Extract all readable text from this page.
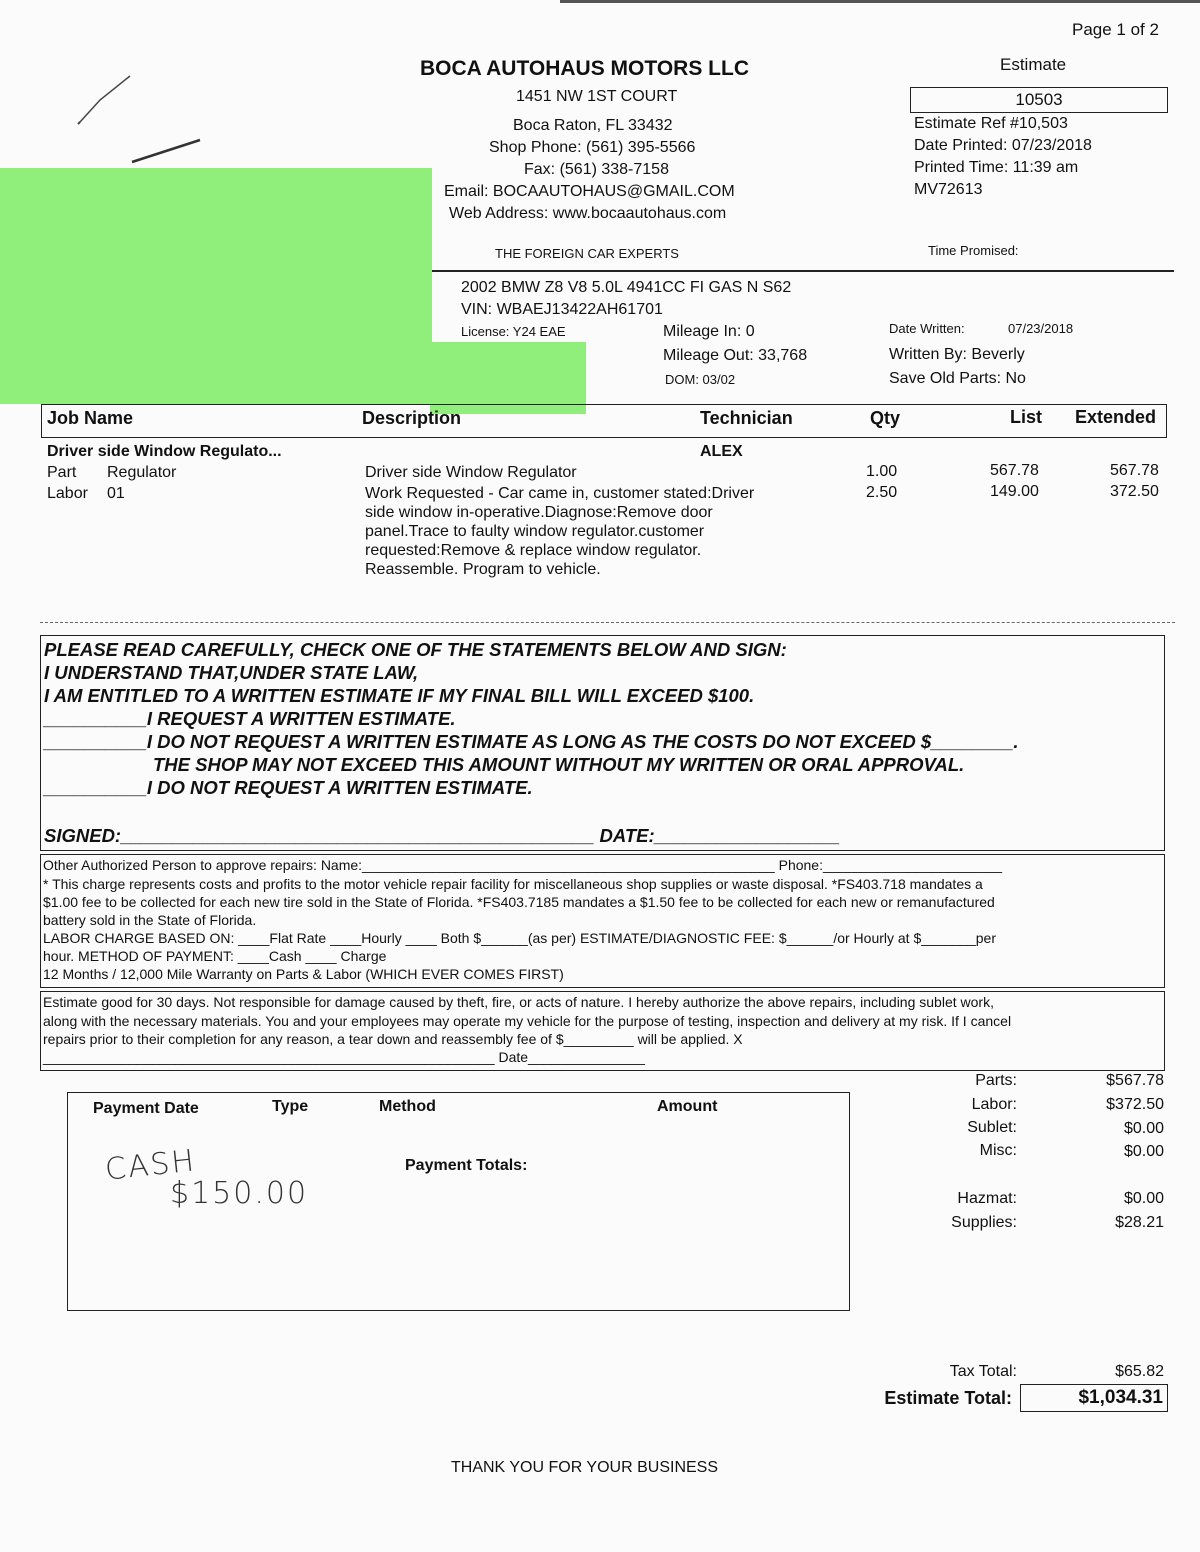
Page 1 of 2
BOCA AUTOHAUS MOTORS LLC	Estimate
1451 NW 1ST COURT
Boca Raton, FL 33432
Shop Phone: (561) 395-5566
Fax: (561) 338-7158
Email: BOCAAUTOHAUS@GMAIL.COM
Web Address: www.bocaautohaus.com
THE FOREIGN CAR EXPERTS
10503
Estimate Ref #10,503
Date Printed: 07/23/2018
Printed Time: 11:39 am
MV72613
Time Promised:
2002 BMW Z8 V8 5.0L 4941CC FI GAS N S62
VIN: WBAEJ13422AH61701
License: Y24 EAE	Mileage In: 0
Mileage Out: 33,768
DOM: 03/02
Date Written:	07/23/2018
Written By: Beverly
Save Old Parts: No
Job Name	Description	Technician	Qty	List Extended
Driver side Window Regulato...	ALEX
Part Regulator	Driver side Window Regulator	1.00	567.78	567.78
Labor 01	Work Requested - Car came in, customer stated:Driver	2.50	149.00	372.50
side window in-operative.Diagnose:Remove door
panel.Trace to faulty window regulator.customer
requested:Remove & replace window regulator.
Reassemble. Program to vehicle.
PLEASE READ CAREFULLY, CHECK ONE OF THE STATEMENTS BELOW AND SIGN:
I UNDERSTAND THAT,UNDER STATE LAW,
I AM ENTITLED TO A WRITTEN ESTIMATE IF MY FINAL BILL WILL EXCEED $100.
__________I REQUEST A WRITTEN ESTIMATE.
__________I DO NOT REQUEST A WRITTEN ESTIMATE AS LONG AS THE COSTS DO NOT EXCEED $________.
THE SHOP MAY NOT EXCEED THIS AMOUNT WITHOUT MY WRITTEN OR ORAL APPROVAL.
__________I DO NOT REQUEST A WRITTEN ESTIMATE.
SIGNED:______________________________________________ DATE:__________________
Other Authorized Person to approve repairs: Name:_____________________________________________________ Phone:_______________________
* This charge represents costs and profits to the motor vehicle repair facility for miscellaneous shop supplies or waste disposal. *FS403.718 mandates a
$1.00 fee to be collected for each new tire sold in the State of Florida. *FS403.7185 mandates a $1.50 fee to be collected for each new or remanufactured
battery sold in the State of Florida.
LABOR CHARGE BASED ON: ____Flat Rate ____Hourly ____ Both $______(as per) ESTIMATE/DIAGNOSTIC FEE: $______/or Hourly at $_______per
hour. METHOD OF PAYMENT: ____Cash ____ Charge
12 Months / 12,000 Mile Warranty on Parts & Labor (WHICH EVER COMES FIRST)
Estimate good for 30 days. Not responsible for damage caused by theft, fire, or acts of nature. I hereby authorize the above repairs, including sublet work,
along with the necessary materials. You and your employees may operate my vehicle for the purpose of testing, inspection and delivery at my risk. If I cancel
repairs prior to their completion for any reason, a tear down and reassembly fee of $_________ will be applied. X
__________________________________________________________ Date_______________
Payment Date	Type	Method	Amount
Payment Totals:
CASH
$150.00
Parts:	$567.78
Labor:	$372.50
Sublet:	$0.00
Misc:	$0.00
Hazmat:	$0.00
Supplies:	$28.21
Tax Total:	$65.82
Estimate Total:	$1,034.31
THANK YOU FOR YOUR BUSINESS
